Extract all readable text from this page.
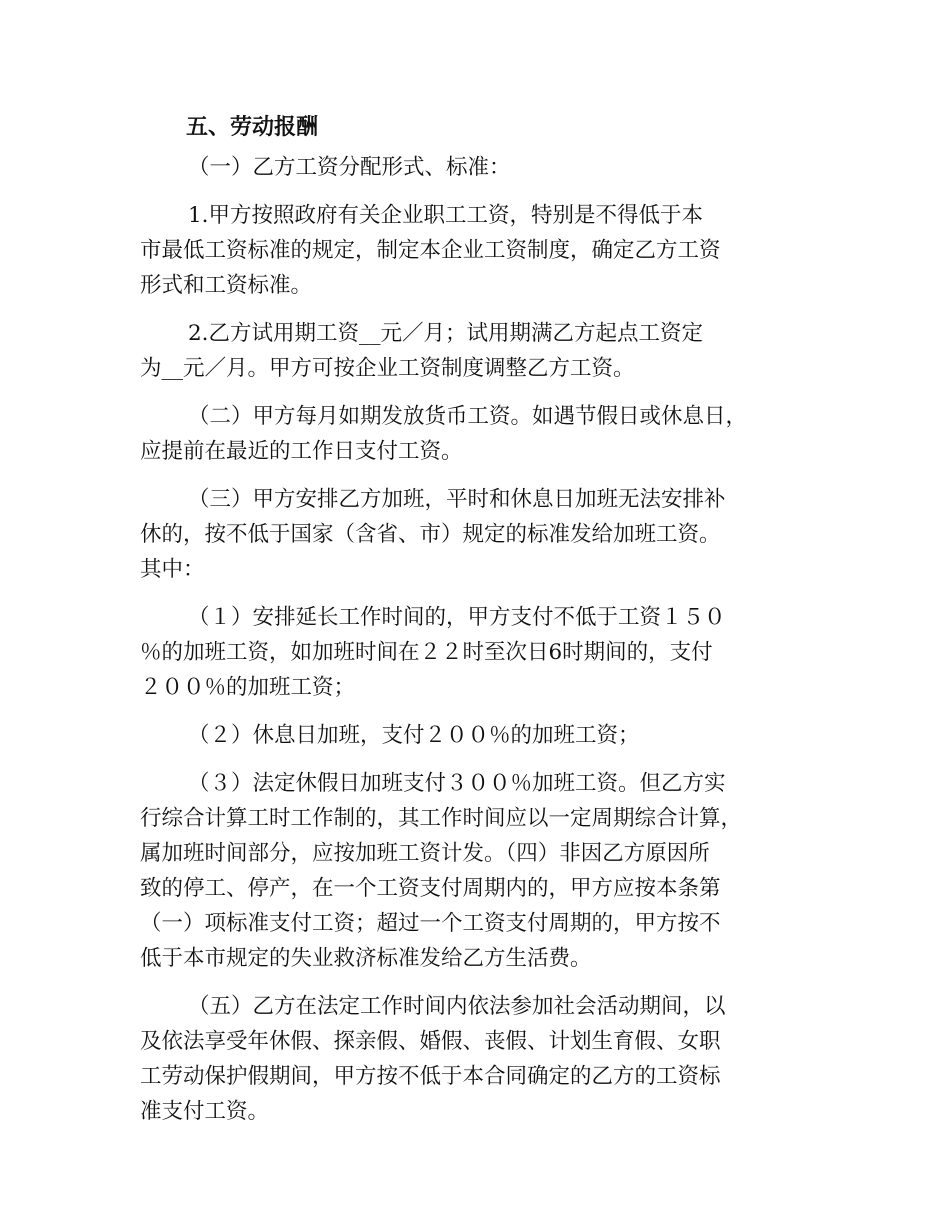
五、劳动报酬

（一）乙方工资分配形式、标准：

1.甲方按照政府有关企业职工工资，特别是不得低于本
市最低工资标准的规定，制定本企业工资制度，确定乙方工资
形式和工资标准。

2.乙方试用期工资__元／月；试用期满乙方起点工资定
为__元／月。甲方可按企业工资制度调整乙方工资。

（二）甲方每月如期发放货币工资。如遇节假日或休息日，
应提前在最近的工作日支付工资。

（三）甲方安排乙方加班，平时和休息日加班无法安排补
休的，按不低于国家（含省、市）规定的标准发给加班工资。
其中：

（１）安排延长工作时间的，甲方支付不低于工资１５０
％的加班工资，如加班时间在２２时至次日6时期间的，支付
２００％的加班工资；

（２）休息日加班，支付２００％的加班工资；

（３）法定休假日加班支付３００％加班工资。但乙方实
行综合计算工时工作制的，其工作时间应以一定周期综合计算，
属加班时间部分，应按加班工资计发。（四）非因乙方原因所
致的停工、停产，在一个工资支付周期内的，甲方应按本条第
（一）项标准支付工资；超过一个工资支付周期的，甲方按不
低于本市规定的失业救济标准发给乙方生活费。

（五）乙方在法定工作时间内依法参加社会活动期间，以
及依法享受年休假、探亲假、婚假、丧假、计划生育假、女职
工劳动保护假期间，甲方按不低于本合同确定的乙方的工资标
准支付工资。
